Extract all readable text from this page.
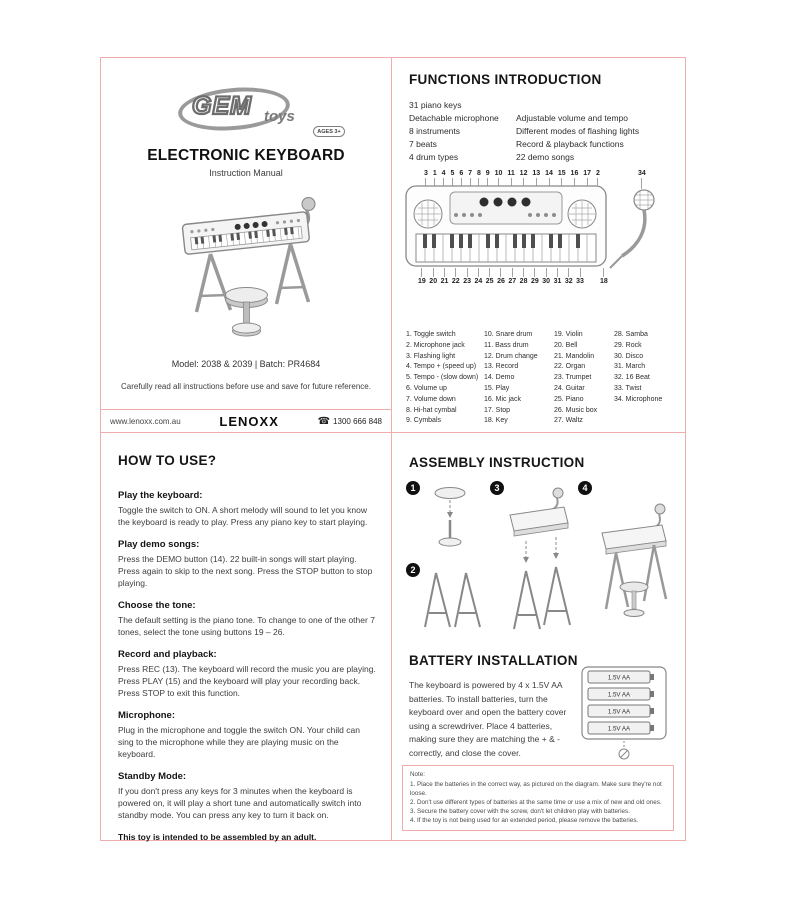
GEM toys
AGES 3+
ELECTRONIC KEYBOARD
Instruction Manual
Model: 2038 & 2039 | Batch: PR4684
Carefully read all instructions before use and save for future reference.
www.lenoxx.com.au	LENOXX	☎ 1300 666 848
FUNCTIONS INTRODUCTION
31 piano keys
Detachable microphone	Adjustable volume and tempo
8 instruments	Different modes of flashing lights
7 beats	Record & playback functions
4 drum types	22 demo songs
3 1 4 5 6 7 8 9 10 11 12 13 14 15 16 17 2	34
19 20 21 22 23 24 25 26 27 28 29 30 31 32 33 18
1. Toggle switch
2. Microphone jack
3. Flashing light
4. Tempo + (speed up)
5. Tempo - (slow down)
6. Volume up
7. Volume down
8. Hi-hat cymbal
9. Cymbals
10. Snare drum
11. Bass drum
12. Drum change
13. Record
14. Demo
15. Play
16. Mic jack
17. Stop
18. Key
19. Violin
20. Bell
21. Mandolin
22. Organ
23. Trumpet
24. Guitar
25. Piano
26. Music box
27. Waltz
28. Samba
29. Rock
30. Disco
31. March
32. 16 Beat
33. Twist
34. Microphone
HOW TO USE?
Play the keyboard:
Toggle the switch to ON. A short melody will sound to let you know the keyboard is ready to play. Press any piano key to start playing.
Play demo songs:
Press the DEMO button (14). 22 built-in songs will start playing. Press again to skip to the next song. Press the STOP button to stop playing.
Choose the tone:
The default setting is the piano tone. To change to one of the other 7 tones, select the tone using buttons 19 – 26.
Record and playback:
Press REC (13). The keyboard will record the music you are playing. Press PLAY (15) and the keyboard will play your recording back. Press STOP to exit this function.
Microphone:
Plug in the microphone and toggle the switch ON. Your child can sing to the microphone while they are playing music on the keyboard.
Standby Mode:
If you don't press any keys for 3 minutes when the keyboard is powered on, it will play a short tune and automatically switch into standby mode. You can press any key to turn it back on.
This toy is intended to be assembled by an adult.
ASSEMBLY INSTRUCTION
1
2
3	4
BATTERY INSTALLATION
The keyboard is powered by 4 x 1.5V AA batteries. To install batteries, turn the keyboard over and open the battery cover using a screwdriver. Place 4 batteries, making sure they are matching the + & - correctly, and close the cover.
1.5V AA
1.5V AA
1.5V AA
1.5V AA
Note:
1. Place the batteries in the correct way, as pictured on the diagram. Make sure they're not loose.
2. Don't use different types of batteries at the same time or use a mix of new and old ones.
3. Secure the battery cover with the screw, don't let children play with batteries.
4. If the toy is not being used for an extended period, please remove the batteries.
